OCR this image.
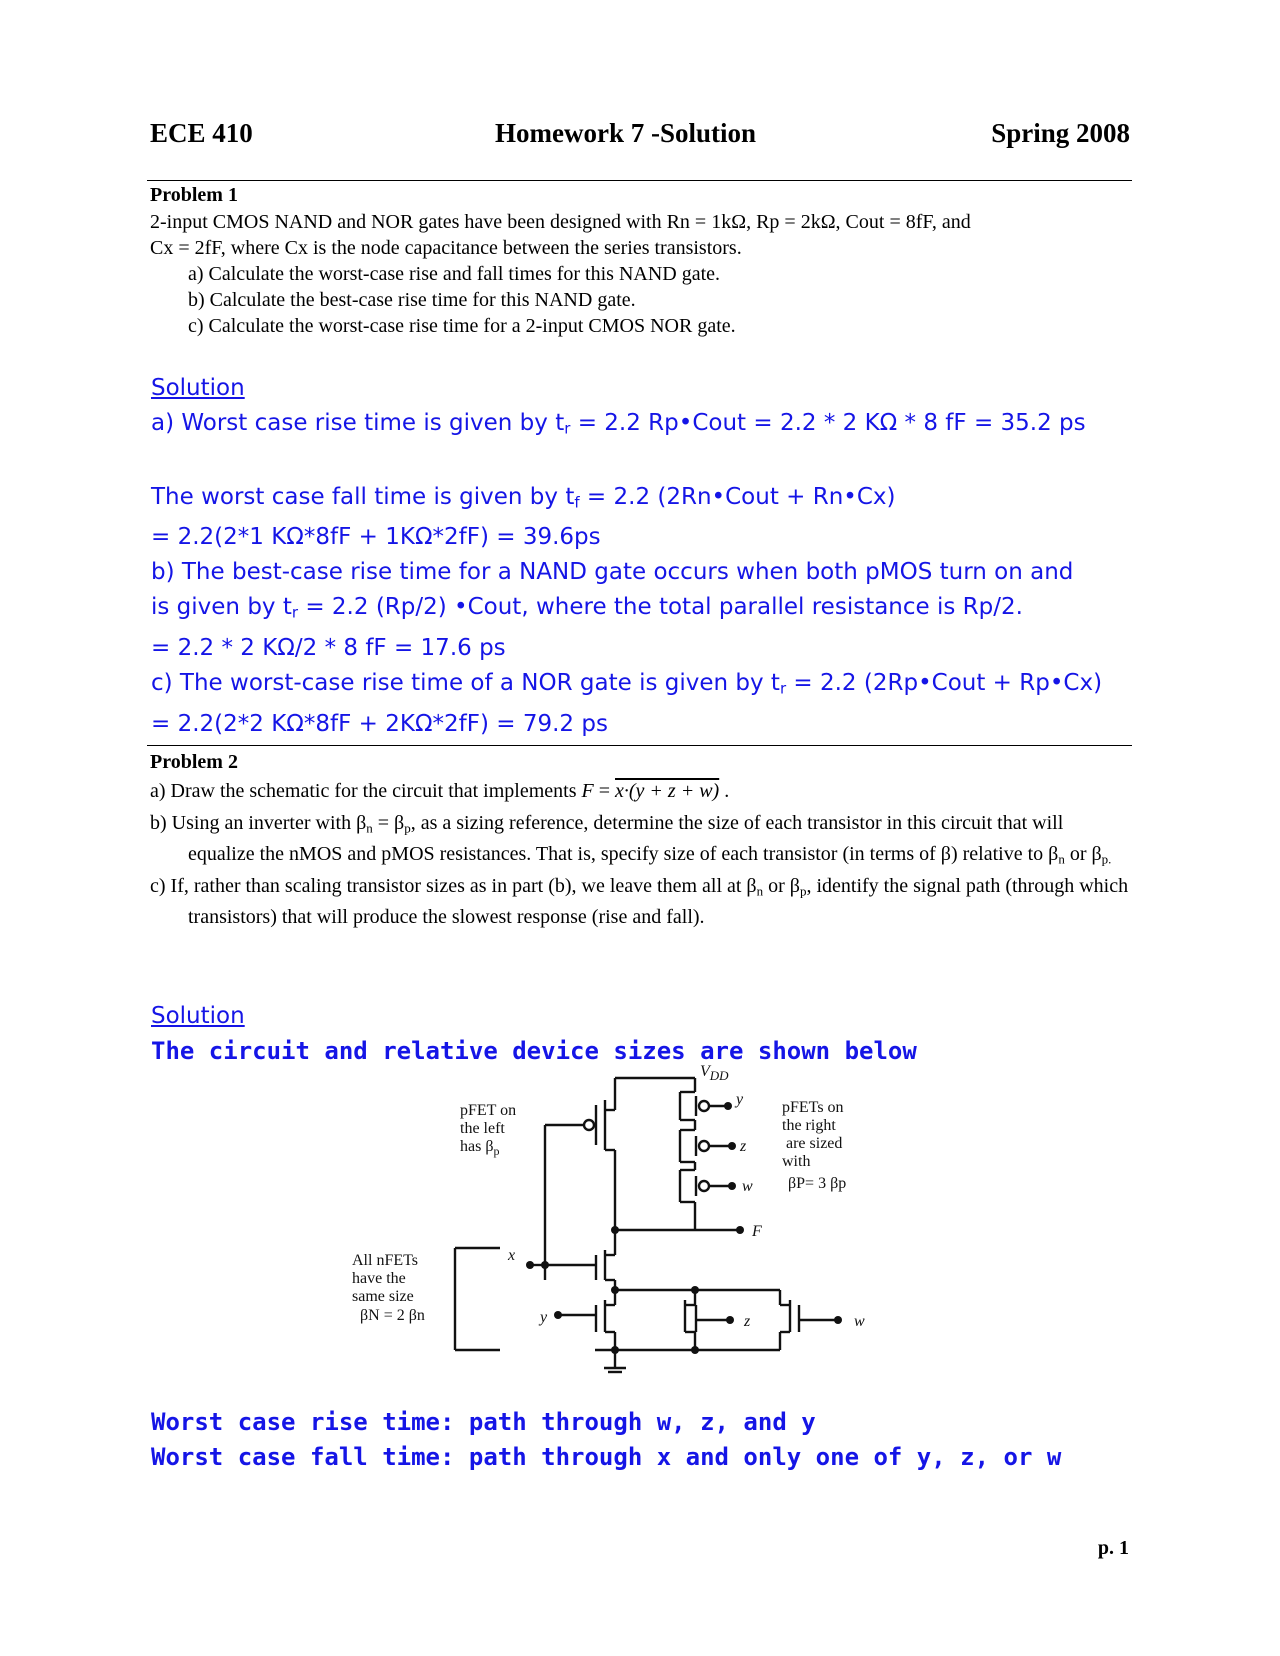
ECE 410	Homework 7 -Solution	Spring 2008
Problem 1
2-input CMOS NAND and NOR gates have been designed with Rn = 1kΩ, Rp = 2kΩ, Cout = 8fF, and
Cx = 2fF, where Cx is the node capacitance between the series transistors.
a) Calculate the worst-case rise and fall times for this NAND gate.
b) Calculate the best-case rise time for this NAND gate.
c) Calculate the worst-case rise time for a 2-input CMOS NOR gate.
Solution
a) Worst case rise time is given by $t_r = 2.2$ Rp•Cout = 2.2 * 2 KΩ * 8 fF = 35.2 ps
The worst case fall time is given by $t_f = 2.2$ (2Rn•Cout + Rn•Cx)
= 2.2(2*1 KΩ*8fF + 1KΩ*2fF) = 39.6ps
b) The best-case rise time for a NAND gate occurs when both pMOS turn on and
is given by $t_r = 2.2$ (Rp/2) •Cout, where the total parallel resistance is Rp/2.
= 2.2 * 2 KΩ/2 * 8 fF = 17.6 ps
c) The worst-case rise time of a NOR gate is given by $t_r = 2.2$ (2Rp•Cout + Rp•Cx)
= 2.2(2*2 KΩ*8fF + 2KΩ*2fF) = 79.2 ps
Problem 2
a) Draw the schematic for the circuit that implements F = x·(y + z + w) .
b) Using an inverter with $\beta_n = \beta_p$, as a sizing reference, determine the size of each transistor in this circuit that will equalize the nMOS and pMOS resistances. That is, specify size of each transistor (in terms of β) relative to $\beta_n$ or $\beta_{p.}$
c) If, rather than scaling transistor sizes as in part (b), we leave them all at $\beta_n$ or $\beta_p$, identify the signal path (through which transistors) that will produce the slowest response (rise and fall).
Solution
The circuit and relative device sizes are shown below
$V_{DD}$
pFET on
the left
has $\beta_p$
pFETs on
the right
are sized
with
βP= 3 βp
All nFETs
have the
same size
βN = 2 βn
y
z
w
F
x
y	z	w
Worst case rise time: path through w, z, and y
Worst case fall time: path through x and only one of y, z, or w
p. 1
